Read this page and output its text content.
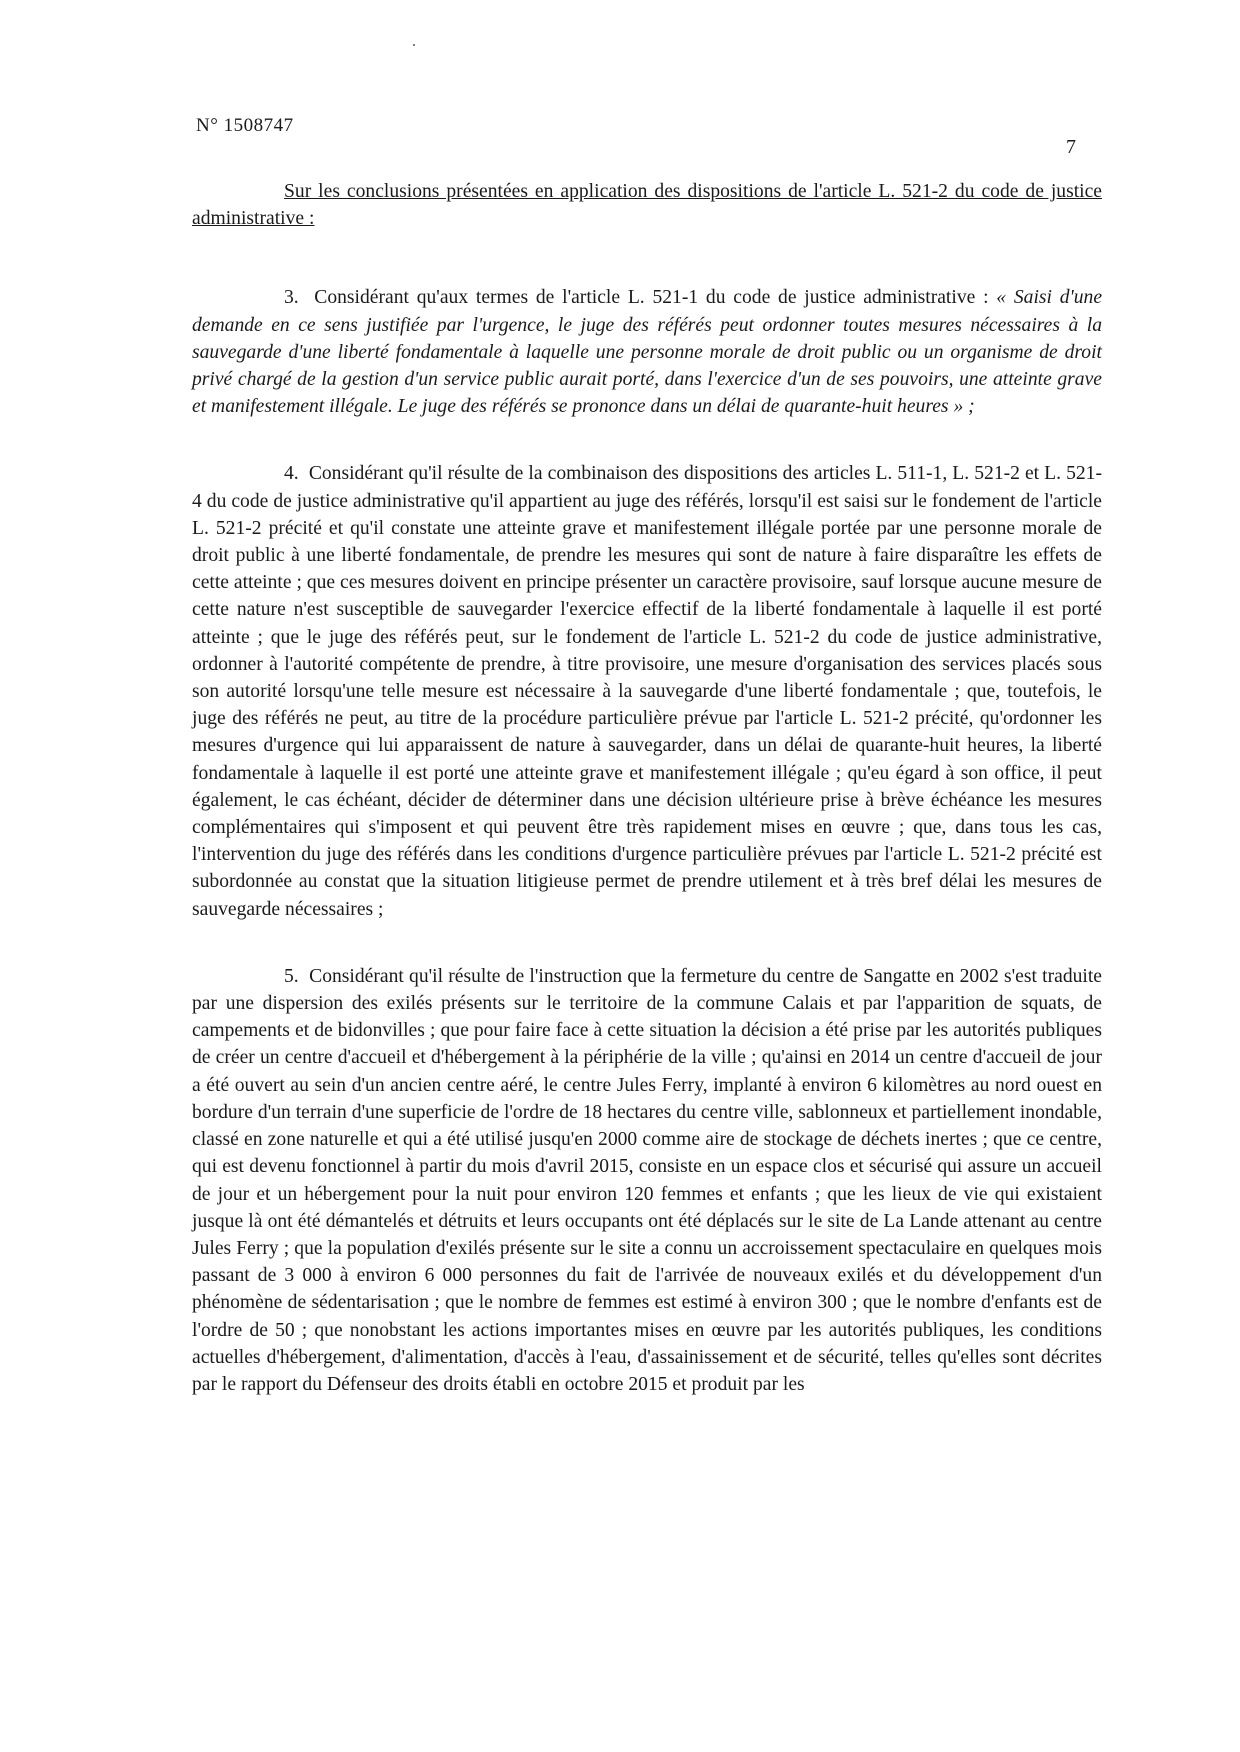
N° 1508747
7

Sur les conclusions présentées en application des dispositions de l'article L. 521-2 du code de justice administrative :

3. Considérant qu'aux termes de l'article L. 521-1 du code de justice administrative : « Saisi d'une demande en ce sens justifiée par l'urgence, le juge des référés peut ordonner toutes mesures nécessaires à la sauvegarde d'une liberté fondamentale à laquelle une personne morale de droit public ou un organisme de droit privé chargé de la gestion d'un service public aurait porté, dans l'exercice d'un de ses pouvoirs, une atteinte grave et manifestement illégale. Le juge des référés se prononce dans un délai de quarante-huit heures » ;

4. Considérant qu'il résulte de la combinaison des dispositions des articles L. 511-1, L. 521-2 et L. 521-4 du code de justice administrative qu'il appartient au juge des référés, lorsqu'il est saisi sur le fondement de l'article L. 521-2 précité et qu'il constate une atteinte grave et manifestement illégale portée par une personne morale de droit public à une liberté fondamentale, de prendre les mesures qui sont de nature à faire disparaître les effets de cette atteinte ; que ces mesures doivent en principe présenter un caractère provisoire, sauf lorsque aucune mesure de cette nature n'est susceptible de sauvegarder l'exercice effectif de la liberté fondamentale à laquelle il est porté atteinte ; que le juge des référés peut, sur le fondement de l'article L. 521-2 du code de justice administrative, ordonner à l'autorité compétente de prendre, à titre provisoire, une mesure d'organisation des services placés sous son autorité lorsqu'une telle mesure est nécessaire à la sauvegarde d'une liberté fondamentale ; que, toutefois, le juge des référés ne peut, au titre de la procédure particulière prévue par l'article L. 521-2 précité, qu'ordonner les mesures d'urgence qui lui apparaissent de nature à sauvegarder, dans un délai de quarante-huit heures, la liberté fondamentale à laquelle il est porté une atteinte grave et manifestement illégale ; qu'eu égard à son office, il peut également, le cas échéant, décider de déterminer dans une décision ultérieure prise à brève échéance les mesures complémentaires qui s'imposent et qui peuvent être très rapidement mises en œuvre ; que, dans tous les cas, l'intervention du juge des référés dans les conditions d'urgence particulière prévues par l'article L. 521-2 précité est subordonnée au constat que la situation litigieuse permet de prendre utilement et à très bref délai les mesures de sauvegarde nécessaires ;

5. Considérant qu'il résulte de l'instruction que la fermeture du centre de Sangatte en 2002 s'est traduite par une dispersion des exilés présents sur le territoire de la commune Calais et par l'apparition de squats, de campements et de bidonvilles ; que pour faire face à cette situation la décision a été prise par les autorités publiques de créer un centre d'accueil et d'hébergement à la périphérie de la ville ; qu'ainsi en 2014 un centre d'accueil de jour a été ouvert au sein d'un ancien centre aéré, le centre Jules Ferry, implanté à environ 6 kilomètres au nord ouest en bordure d'un terrain d'une superficie de l'ordre de 18 hectares du centre ville, sablonneux et partiellement inondable, classé en zone naturelle et qui a été utilisé jusqu'en 2000 comme aire de stockage de déchets inertes ; que ce centre, qui est devenu fonctionnel à partir du mois d'avril 2015, consiste en un espace clos et sécurisé qui assure un accueil de jour et un hébergement pour la nuit pour environ 120 femmes et enfants ; que les lieux de vie qui existaient jusque là ont été démantelés et détruits et leurs occupants ont été déplacés sur le site de La Lande attenant au centre Jules Ferry ; que la population d'exilés présente sur le site a connu un accroissement spectaculaire en quelques mois passant de 3 000 à environ 6 000 personnes du fait de l'arrivée de nouveaux exilés et du développement d'un phénomène de sédentarisation ; que le nombre de femmes est estimé à environ 300 ; que le nombre d'enfants est de l'ordre de 50 ; que nonobstant les actions importantes mises en œuvre par les autorités publiques, les conditions actuelles d'hébergement, d'alimentation, d'accès à l'eau, d'assainissement et de sécurité, telles qu'elles sont décrites par le rapport du Défenseur des droits établi en octobre 2015 et produit par les
